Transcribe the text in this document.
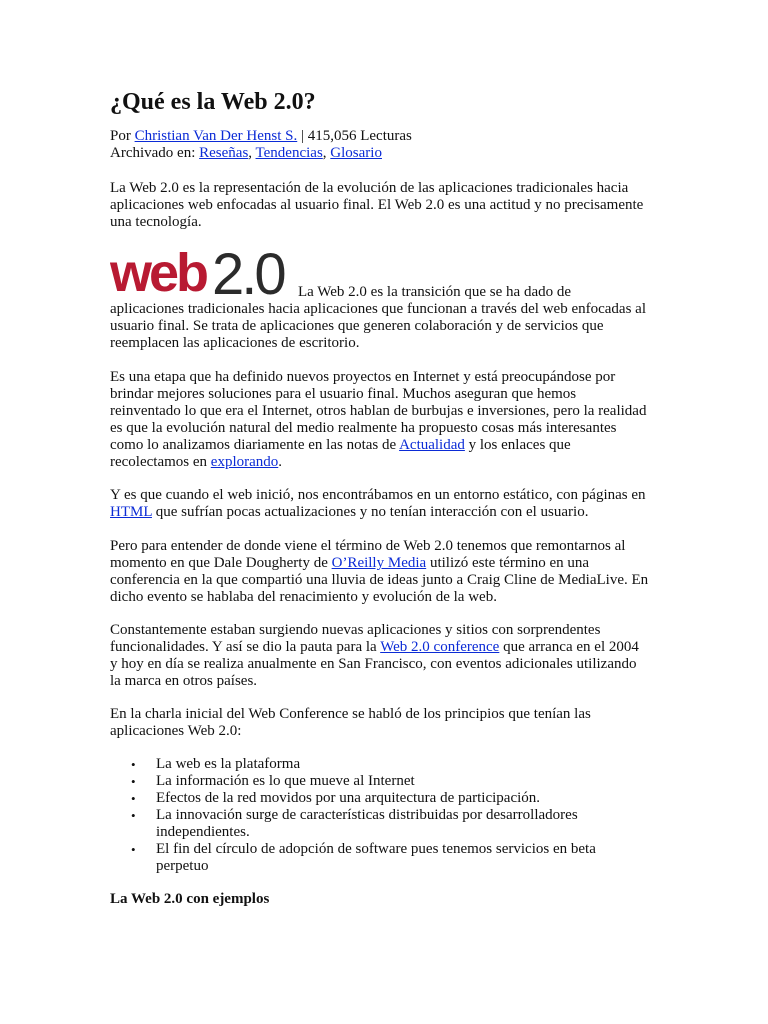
¿Qué es la Web 2.0?
Por Christian Van Der Henst S. | 415,056 Lecturas
Archivado en: Reseñas, Tendencias, Glosario

La Web 2.0 es la representación de la evolución de las aplicaciones tradicionales hacia aplicaciones web enfocadas al usuario final. El Web 2.0 es una actitud y no precisamente una tecnología.

web 2.0 La Web 2.0 es la transición que se ha dado de

aplicaciones tradicionales hacia aplicaciones que funcionan a través del web enfocadas al usuario final. Se trata de aplicaciones que generen colaboración y de servicios que reemplacen las aplicaciones de escritorio.

Es una etapa que ha definido nuevos proyectos en Internet y está preocupándose por brindar mejores soluciones para el usuario final. Muchos aseguran que hemos reinventado lo que era el Internet, otros hablan de burbujas e inversiones, pero la realidad es que la evolución natural del medio realmente ha propuesto cosas más interesantes como lo analizamos diariamente en las notas de Actualidad y los enlaces que recolectamos en explorando.

Y es que cuando el web inició, nos encontrábamos en un entorno estático, con páginas en HTML que sufrían pocas actualizaciones y no tenían interacción con el usuario.

Pero para entender de donde viene el término de Web 2.0 tenemos que remontarnos al momento en que Dale Dougherty de O’Reilly Media utilizó este término en una conferencia en la que compartió una lluvia de ideas junto a Craig Cline de MediaLive. En dicho evento se hablaba del renacimiento y evolución de la web.

Constantemente estaban surgiendo nuevas aplicaciones y sitios con sorprendentes funcionalidades. Y así se dio la pauta para la Web 2.0 conference que arranca en el 2004 y hoy en día se realiza anualmente en San Francisco, con eventos adicionales utilizando la marca en otros países.

En la charla inicial del Web Conference se habló de los principios que tenían las aplicaciones Web 2.0:

• La web es la plataforma
• La información es lo que mueve al Internet
• Efectos de la red movidos por una arquitectura de participación.
• La innovación surge de características distribuidas por desarrolladores independientes.
• El fin del círculo de adopción de software pues tenemos servicios en beta perpetuo
La Web 2.0 con ejemplos
